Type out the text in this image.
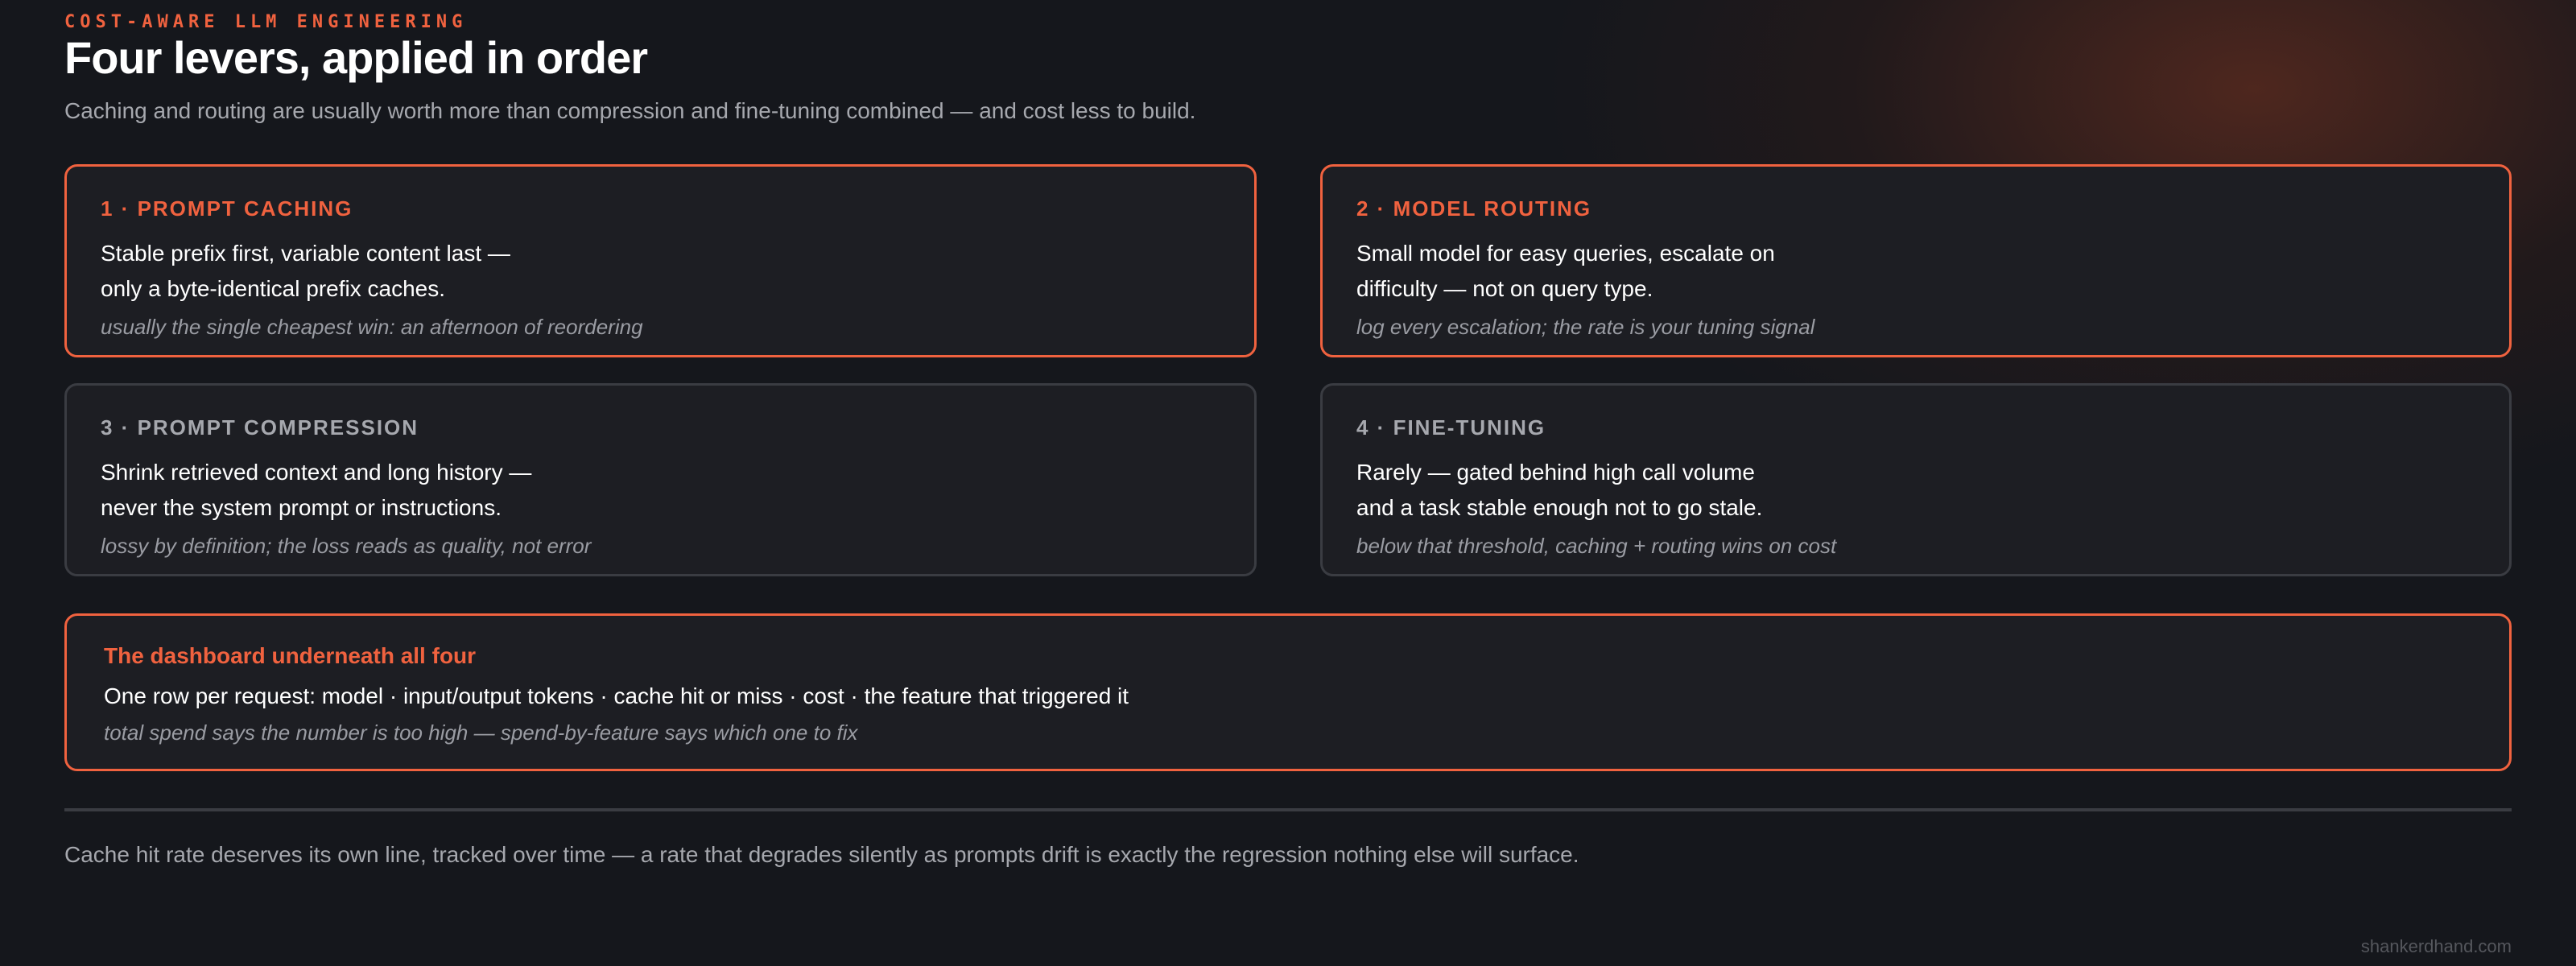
COST-AWARE LLM ENGINEERING
Four levers, applied in order
Caching and routing are usually worth more than compression and fine-tuning combined — and cost less to build.
1 · PROMPT CACHING
Stable prefix first, variable content last —
only a byte-identical prefix caches.
usually the single cheapest win: an afternoon of reordering
2 · MODEL ROUTING
Small model for easy queries, escalate on
difficulty — not on query type.
log every escalation; the rate is your tuning signal
3 · PROMPT COMPRESSION
Shrink retrieved context and long history —
never the system prompt or instructions.
lossy by definition; the loss reads as quality, not error
4 · FINE-TUNING
Rarely — gated behind high call volume
and a task stable enough not to go stale.
below that threshold, caching + routing wins on cost
The dashboard underneath all four
One row per request: model · input/output tokens · cache hit or miss · cost · the feature that triggered it
total spend says the number is too high — spend-by-feature says which one to fix
Cache hit rate deserves its own line, tracked over time — a rate that degrades silently as prompts drift is exactly the regression nothing else will surface.
shankerdhand.com
